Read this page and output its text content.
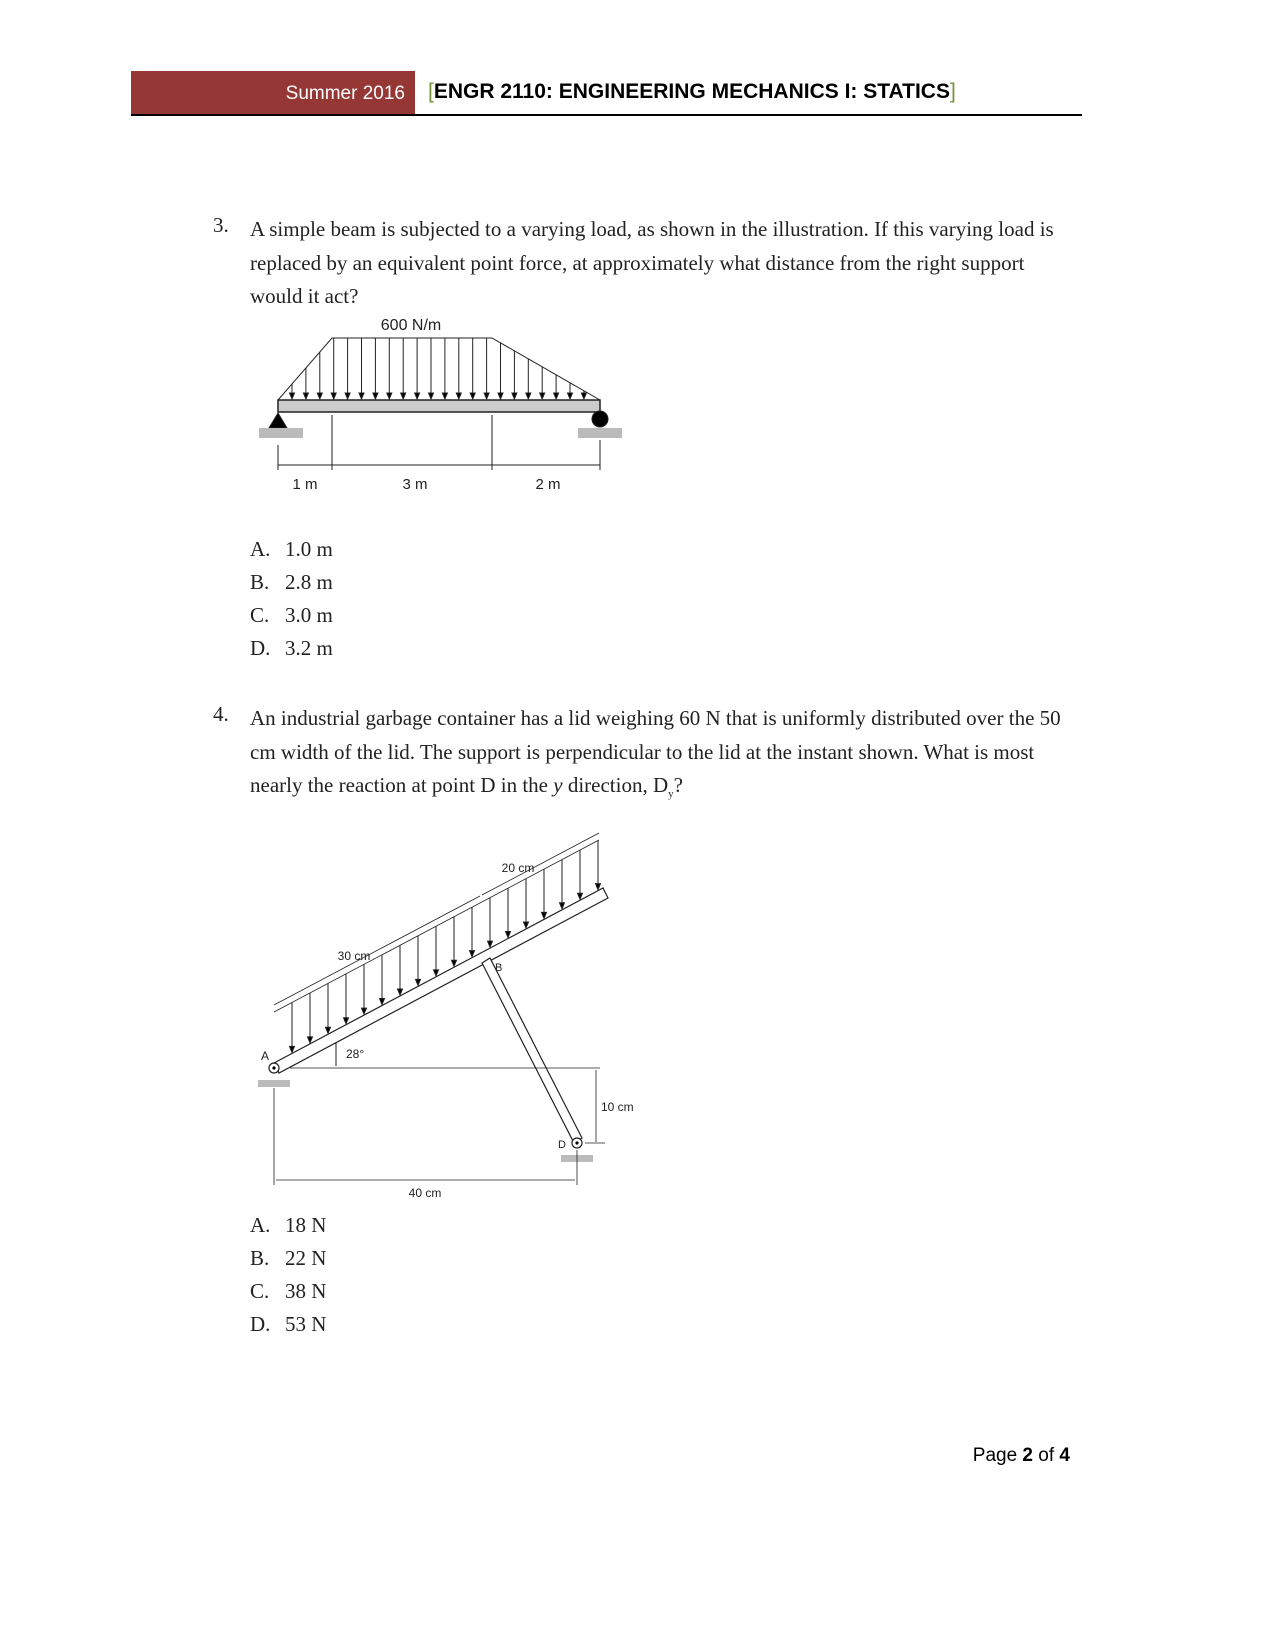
Summer 2016 [ENGR 2110: ENGINEERING MECHANICS I: STATICS]
3. A simple beam is subjected to a varying load, as shown in the illustration. If this varying load is replaced by an equivalent point force, at approximately what distance from the right support would it act?
600 N/m
1 m	3 m	2 m
30 cm
20 cm
B
28°
A
D
10 cm
40 cm
A. 1.0 m
B. 2.8 m
C. 3.0 m
D. 3.2 m
4. An industrial garbage container has a lid weighing 60 N that is uniformly distributed over the 50 cm width of the lid. The support is perpendicular to the lid at the instant shown. What is most nearly the reaction at point D in the y direction, $D_y$?
A. 18 N
B. 22 N
C. 38 N
D. 53 N
Page 2 of 4
